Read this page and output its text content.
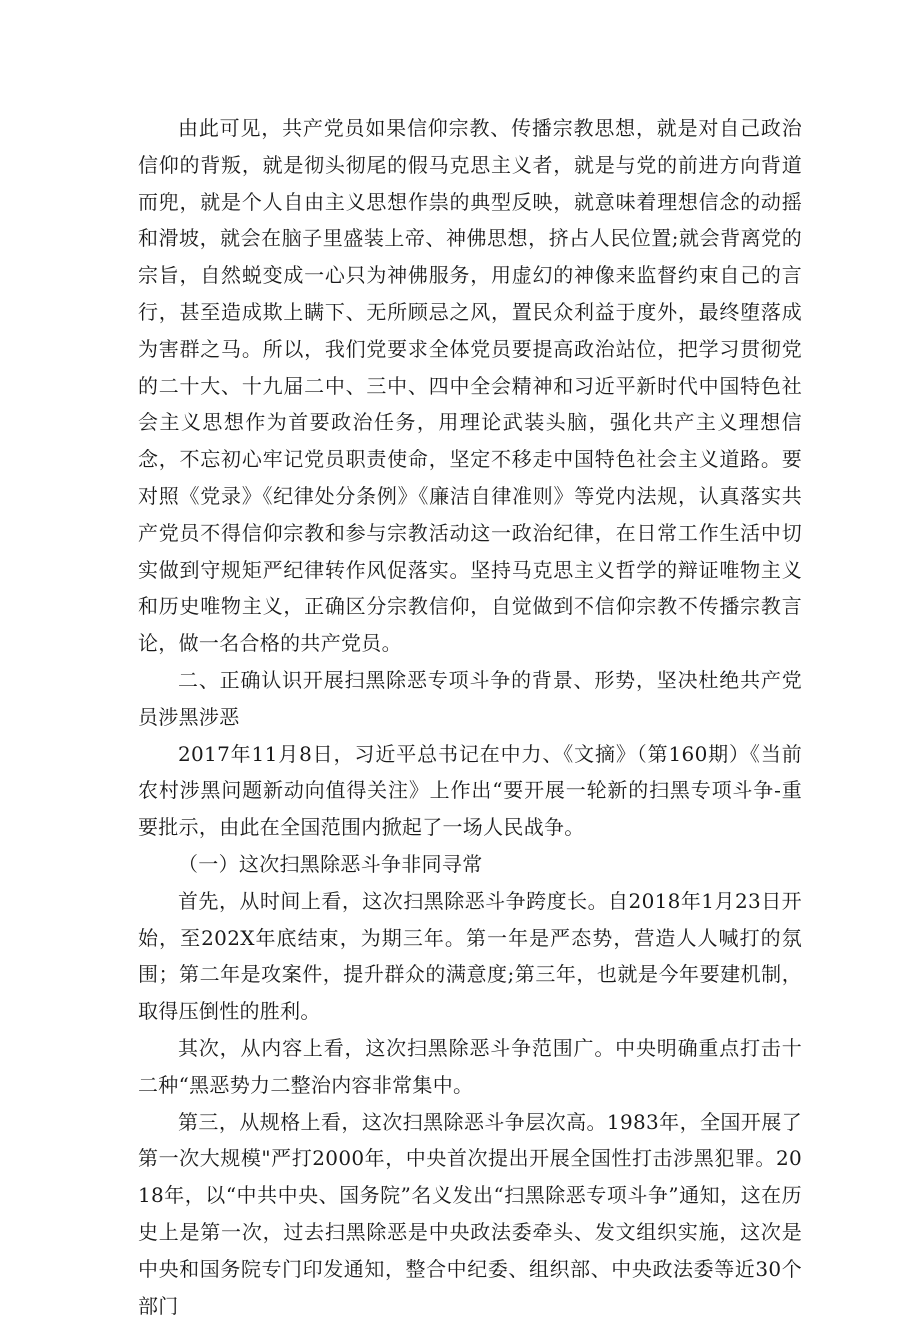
由此可见，共产党员如果信仰宗教、传播宗教思想，就是对自己政治信仰的背叛，就是彻头彻尾的假马克思主义者，就是与党的前进方向背道而兜，就是个人自由主义思想作祟的典型反映，就意味着理想信念的动摇和滑坡，就会在脑子里盛装上帝、神佛思想，挤占人民位置;就会背离党的宗旨，自然蜕变成一心只为神佛服务，用虚幻的神像来监督约束自己的言行，甚至造成欺上瞒下、无所顾忌之风，置民众利益于度外，最终堕落成为害群之马。所以，我们党要求全体党员要提高政治站位，把学习贯彻党的二十大、十九届二中、三中、四中全会精神和习近平新时代中国特色社会主义思想作为首要政治任务，用理论武装头脑，强化共产主义理想信念，不忘初心牢记党员职责使命，坚定不移走中国特色社会主义道路。要对照《党录》《纪律处分条例》《廉洁自律准则》等党内法规，认真落实共产党员不得信仰宗教和参与宗教活动这一政治纪律，在日常工作生活中切实做到守规矩严纪律转作风促落实。坚持马克思主义哲学的辩证唯物主义和历史唯物主义，正确区分宗教信仰，自觉做到不信仰宗教不传播宗教言论，做一名合格的共产党员。

二、正确认识开展扫黑除恶专项斗争的背景、形势，坚决杜绝共产党员涉黑涉恶

2017年11月8日，习近平总书记在中力、《文摘》（第160期）《当前农村涉黑问题新动向值得关注》上作出“要开展一轮新的扫黑专项斗争-重要批示，由此在全国范围内掀起了一场人民战争。

（一）这次扫黑除恶斗争非同寻常

首先，从时间上看，这次扫黑除恶斗争跨度长。自2018年1月23日开始，至202X年底结束，为期三年。第一年是严态势，营造人人喊打的氛围；第二年是攻案件，提升群众的满意度;第三年，也就是今年要建机制，取得压倒性的胜利。

其次，从内容上看，这次扫黑除恶斗争范围广。中央明确重点打击十二种“黑恶势力二整治内容非常集中。

第三，从规格上看，这次扫黑除恶斗争层次高。1983年，全国开展了第一次大规模"严打2000年，中央首次提出开展全国性打击涉黑犯罪。2018年，以“中共中央、国务院”名义发出“扫黑除恶专项斗争”通知，这在历史上是第一次，过去扫黑除恶是中央政法委牵头、发文组织实施，这次是中央和国务院专门印发通知，整合中纪委、组织部、中央政法委等近30个部门
